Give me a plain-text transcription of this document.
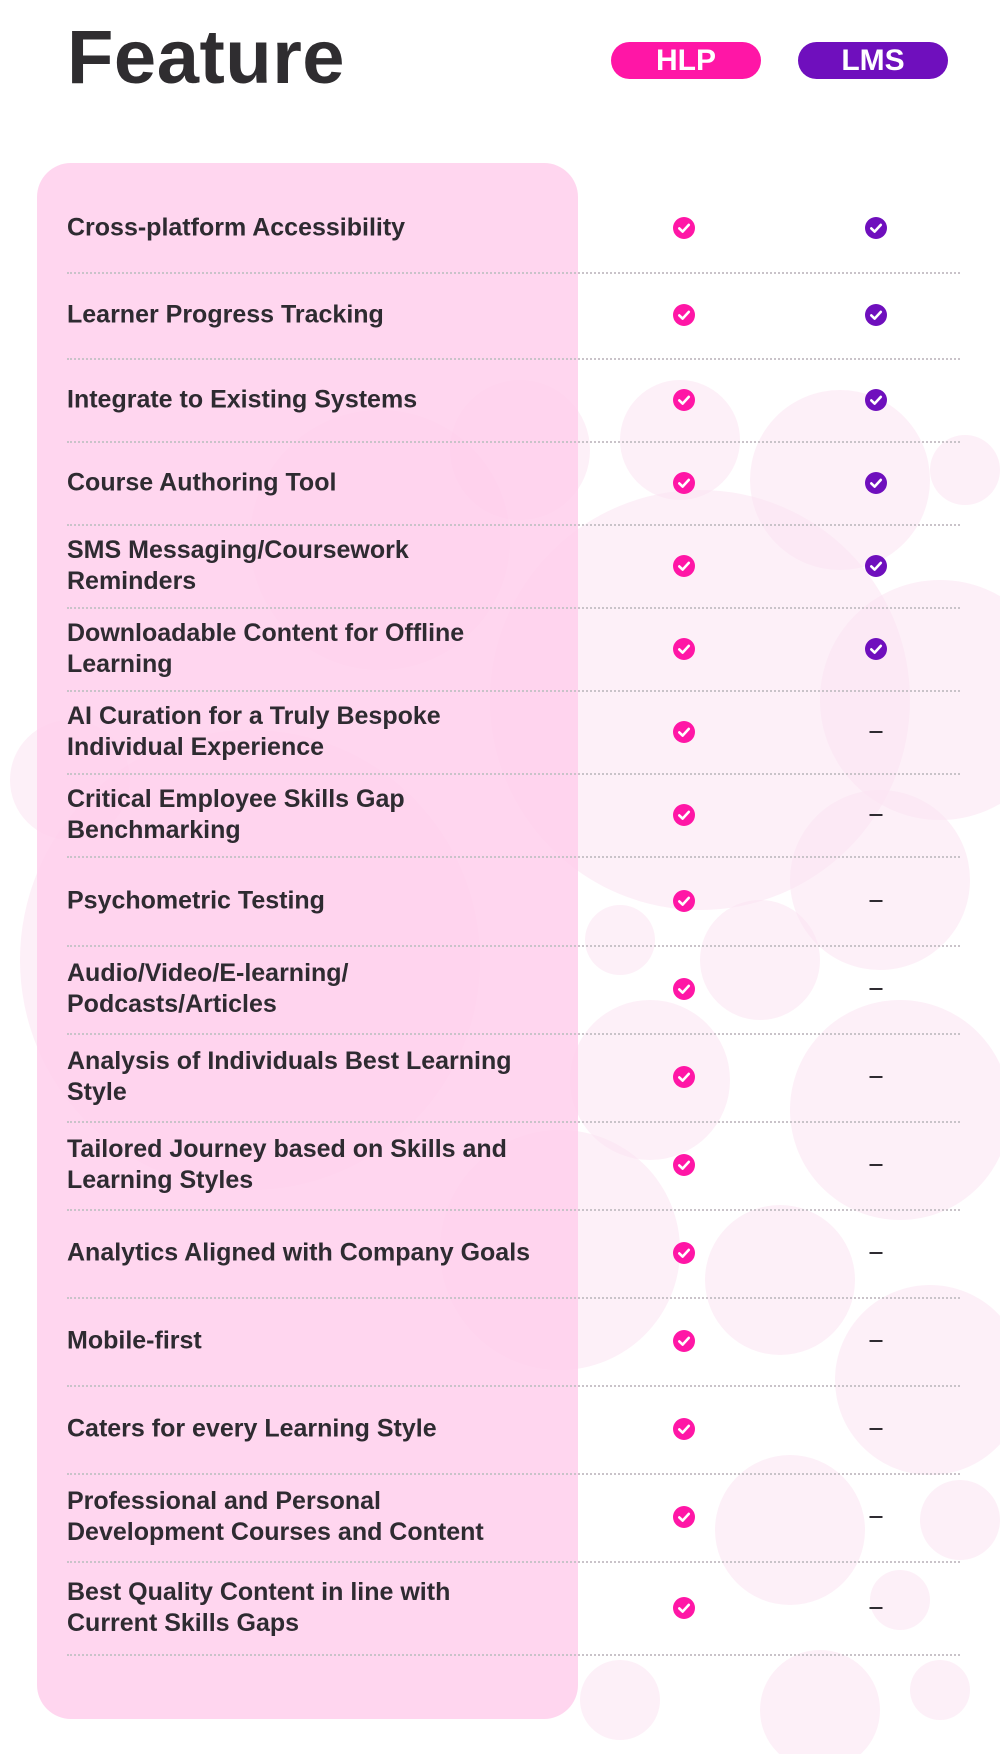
Feature	HLP	LMS
Cross-platform Accessibility
Learner Progress Tracking
Integrate to Existing Systems
Course Authoring Tool
SMS Messaging/Coursework Reminders
Downloadable Content for Offline Learning
AI Curation for a Truly Bespoke Individual Experience
Critical Employee Skills Gap Benchmarking
Psychometric Testing
Audio/Video/E-learning/ Podcasts/Articles
Analysis of Individuals Best Learning Style
Tailored Journey based on Skills and Learning Styles
Analytics Aligned with Company Goals
Mobile-first
Caters for every Learning Style
Professional and Personal Development Courses and Content
Best Quality Content in line with Current Skills Gaps
